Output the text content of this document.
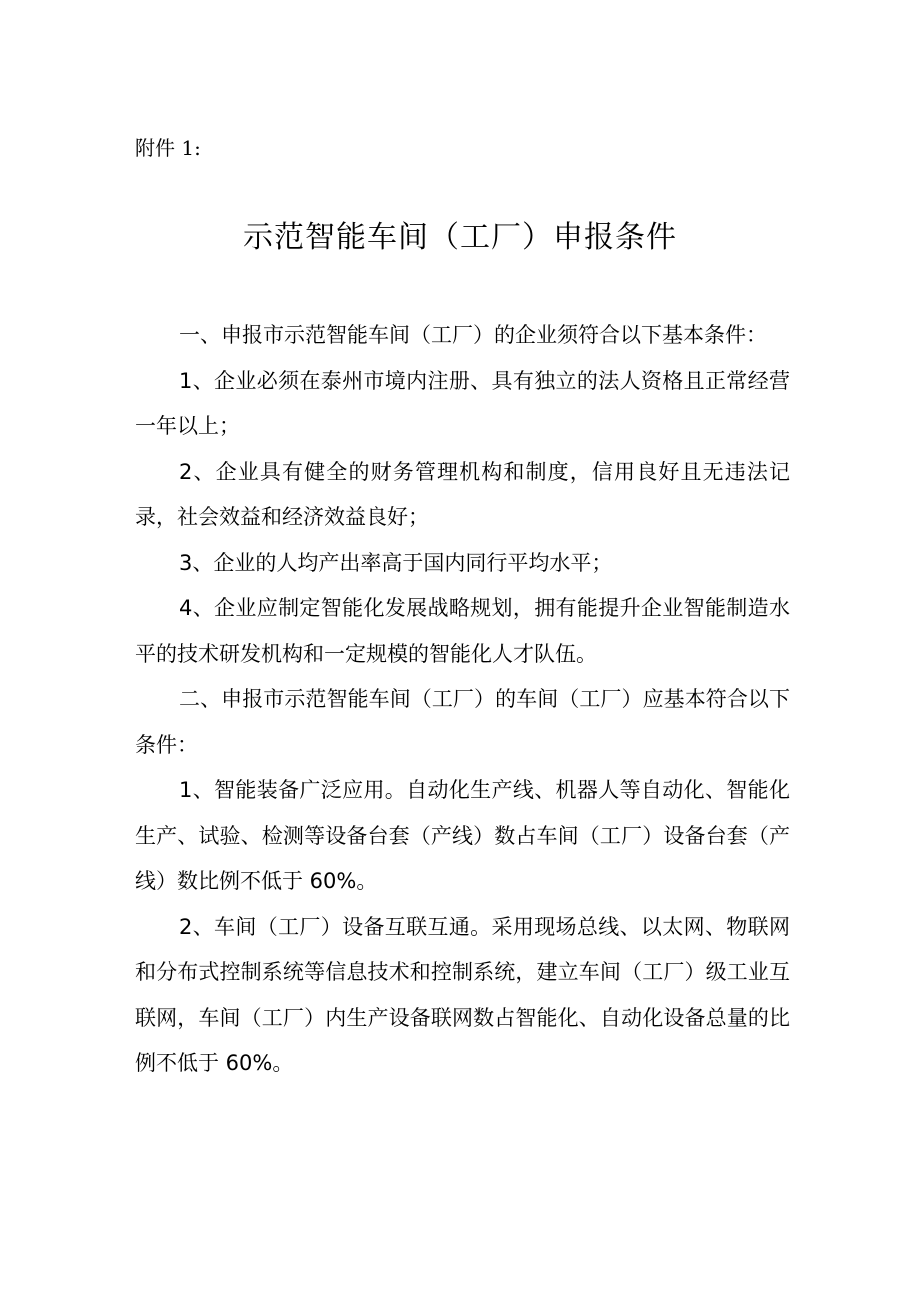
附件 1:

示范智能车间（工厂）申报条件

一、申报市示范智能车间（工厂）的企业须符合以下基本条件：

1、企业必须在泰州市境内注册、具有独立的法人资格且正常经营一年以上；

2、企业具有健全的财务管理机构和制度，信用良好且无违法记录，社会效益和经济效益良好；

3、企业的人均产出率高于国内同行平均水平；

4、企业应制定智能化发展战略规划，拥有能提升企业智能制造水平的技术研发机构和一定规模的智能化人才队伍。

二、申报市示范智能车间（工厂）的车间（工厂）应基本符合以下条件：

1、智能装备广泛应用。自动化生产线、机器人等自动化、智能化生产、试验、检测等设备台套（产线）数占车间（工厂）设备台套（产线）数比例不低于 60%。

2、车间（工厂）设备互联互通。采用现场总线、以太网、物联网和分布式控制系统等信息技术和控制系统，建立车间（工厂）级工业互联网，车间（工厂）内生产设备联网数占智能化、自动化设备总量的比例不低于 60%。
